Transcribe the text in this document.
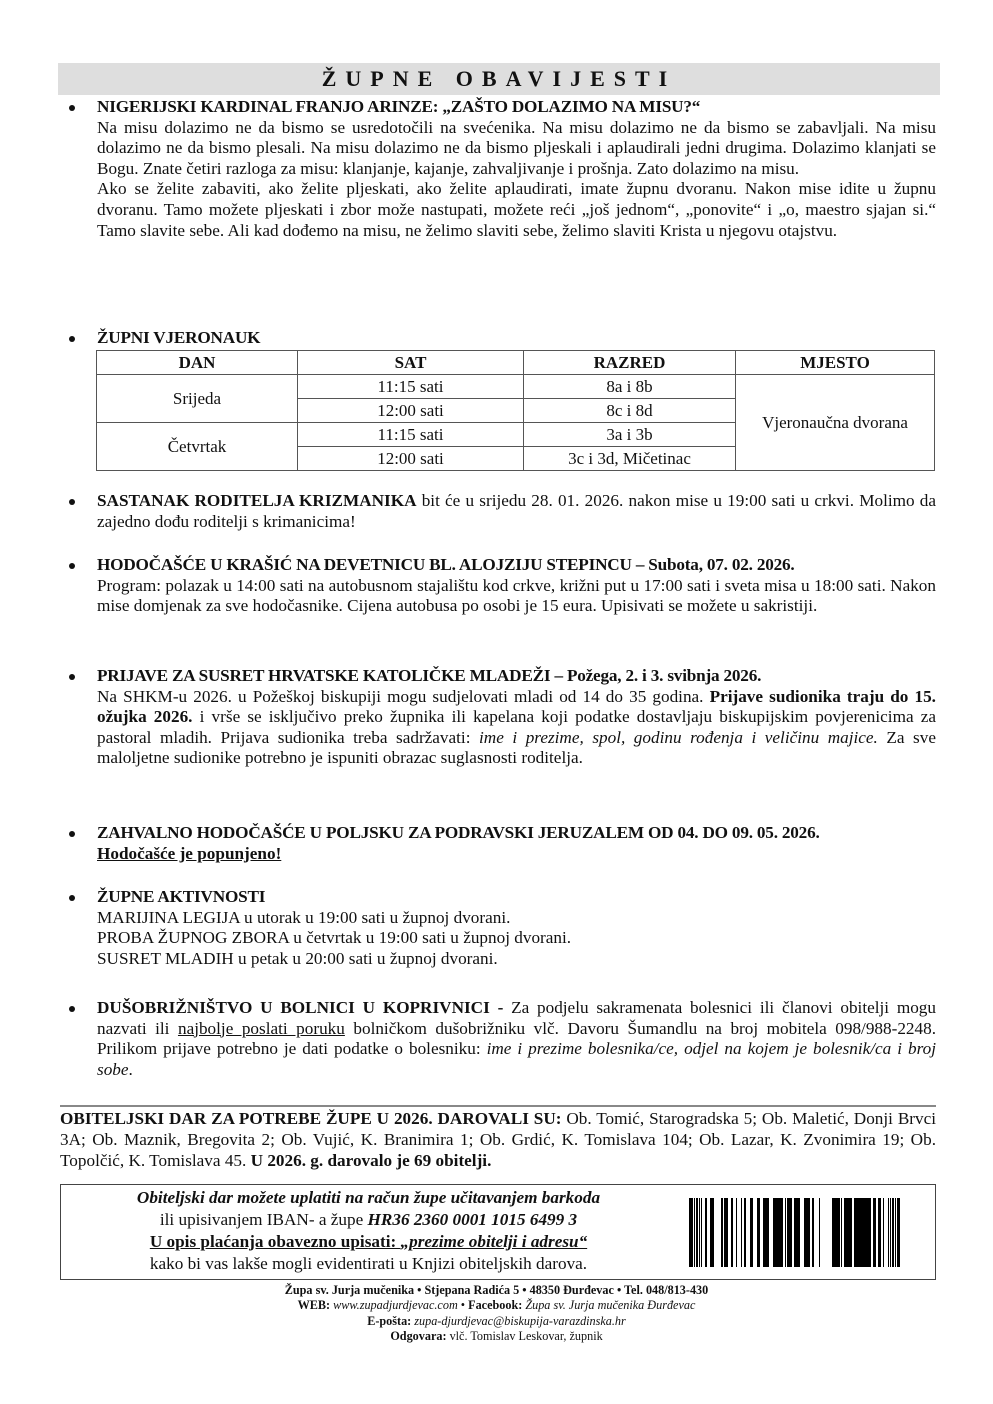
ŽUPNE OBAVIJESTI
NIGERIJSKI KARDINAL FRANJO ARINZE: „ZAŠTO DOLAZIMO NA MISU?“
Na misu dolazimo ne da bismo se usredotočili na svećenika. Na misu dolazimo ne da bismo se zabavljali. Na misu dolazimo ne da bismo plesali. Na misu dolazimo ne da bismo pljeskali i aplaudirali jedni drugima. Dolazimo klanjati se Bogu. Znate četiri razloga za misu: klanjanje, kajanje, zahvaljivanje i prošnja. Zato dolazimo na misu.
Ako se želite zabaviti, ako želite pljeskati, ako želite aplaudirati, imate župnu dvoranu. Nakon mise idite u župnu dvoranu. Tamo možete pljeskati i zbor može nastupati, možete reći „još jednom“, „ponovite“ i „o, maestro sjajan si.“ Tamo slavite sebe. Ali kad dođemo na misu, ne želimo slaviti sebe, želimo slaviti Krista u njegovu otajstvu.
ŽUPNI VJERONAUK
DAN	SAT	RAZRED	MJESTO
Srijeda	11:15 sati	8a i 8b	Vjeronaučna dvorana
	12:00 sati	8c i 8d	
Četvrtak	11:15 sati	3a i 3b	
	12:00 sati	3c i 3d, Mičetinac	
SASTANAK RODITELJA KRIZMANIKA bit će u srijedu 28. 01. 2026. nakon mise u 19:00 sati u crkvi. Molimo da zajedno dođu roditelji s krimanicima!
HODOČAŠĆE U KRAŠIĆ NA DEVETNICU BL. ALOJZIJU STEPINCU – Subota, 07. 02. 2026.
Program: polazak u 14:00 sati na autobusnom stajalištu kod crkve, križni put u 17:00 sati i sveta misa u 18:00 sati. Nakon mise domjenak za sve hodočasnike. Cijena autobusa po osobi je 15 eura. Upisivati se možete u sakristiji.
PRIJAVE ZA SUSRET HRVATSKE KATOLIČKE MLADEŽI – Požega, 2. i 3. svibnja 2026.
Na SHKM-u 2026. u Požeškoj biskupiji mogu sudjelovati mladi od 14 do 35 godina. Prijave sudionika traju do 15. ožujka 2026. i vrše se isključivo preko župnika ili kapelana koji podatke dostavljaju biskupijskim povjerenicima za pastoral mladih. Prijava sudionika treba sadržavati: ime i prezime, spol, godinu rođenja i veličinu majice. Za sve maloljetne sudionike potrebno je ispuniti obrazac suglasnosti roditelja.
ZAHVALNO HODOČAŠĆE U POLJSKU ZA PODRAVSKI JERUZALEM OD 04. DO 09. 05. 2026.
Hodočašće je popunjeno!
ŽUPNE AKTIVNOSTI
MARIJINA LEGIJA u utorak u 19:00 sati u župnoj dvorani.
PROBA ŽUPNOG ZBORA u četvrtak u 19:00 sati u župnoj dvorani.
SUSRET MLADIH u petak u 20:00 sati u župnoj dvorani.
DUŠOBRIŽNIŠTVO U BOLNICI U KOPRIVNICI - Za podjelu sakramenata bolesnici ili članovi obitelji mogu nazvati ili najbolje poslati poruku bolničkom dušobrižniku vlč. Davoru Šumandlu na broj mobitela 098/988-2248. Prilikom prijave potrebno je dati podatke o bolesniku: ime i prezime bolesnika/ce, odjel na kojem je bolesnik/ca i broj sobe.
OBITELJSKI DAR ZA POTREBE ŽUPE U 2026. DAROVALI SU: Ob. Tomić, Starogradska 5; Ob. Maletić, Donji Brvci 3A; Ob. Maznik, Bregovita 2; Ob. Vujić, K. Branimira 1; Ob. Grdić, K. Tomislava 104; Ob. Lazar, K. Zvonimira 19; Ob. Topolčić, K. Tomislava 45. U 2026. g. darovalo je 69 obitelji.
Obiteljski dar možete uplatiti na račun župe učitavanjem barkoda
ili upisivanjem IBAN- a župe HR36 2360 0001 1015 6499 3
U opis plaćanja obavezno upisati: „prezime obitelji i adresu“
kako bi vas lakše mogli evidentirati u Knjizi obiteljskih darova.
Župa sv. Jurja mučenika • Stjepana Radića 5 • 48350 Đurđevac • Tel. 048/813-430
WEB: www.zupadjurdjevac.com • Facebook: Župa sv. Jurja mučenika Đurđevac
E-pošta: zupa-djurdjevac@biskupija-varazdinska.hr
Odgovara: vlč. Tomislav Leskovar, župnik
